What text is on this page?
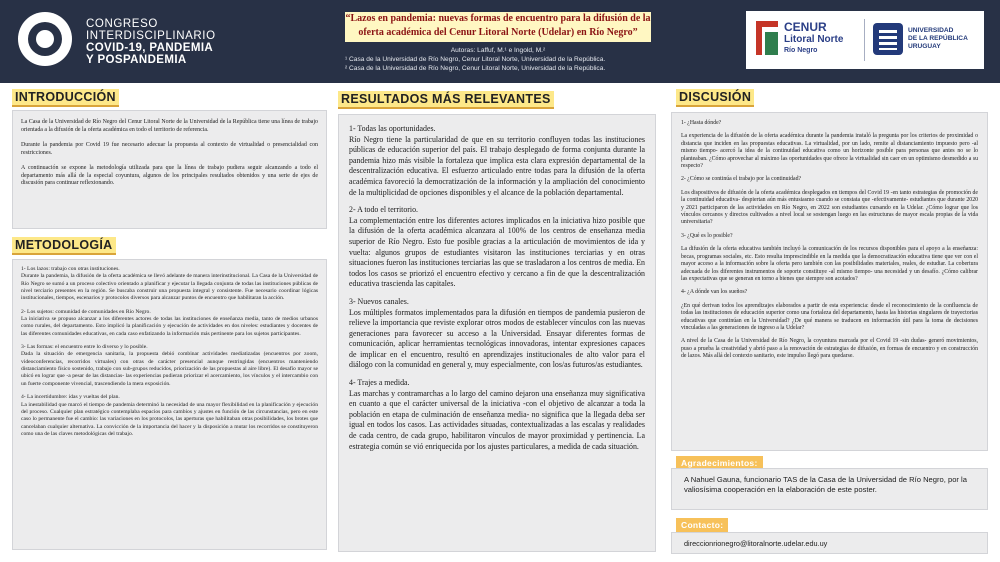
CONGRESO
INTERDISCIPLINARIO
COVID-19, PANDEMIA
Y POSPANDEMIA
“Lazos en pandemia: nuevas formas de encuentro para la difusión de la
oferta académica del Cenur Litoral Norte (Udelar) en Río Negro”
Autoras: Laffuf, M.¹ e Ingold, M.²
¹ Casa de la Universidad de Río Negro, Cenur Litoral Norte, Universidad de la República.
² Casa de la Universidad de Río Negro, Cenur Litoral Norte, Universidad de la República.
CENUR
Litoral Norte
Río Negro
UNIVERSIDAD
DE LA REPÚBLICA
URUGUAY
INTRODUCCIÓN
La Casa de la Universidad de Río Negro del Cenur Litoral Norte de la Universidad de la República tiene una línea de trabajo orientada a la difusión de la oferta académica en todo el territorio de referencia.
Durante la pandemia por Covid 19 fue necesario adecuar la propuesta al contexto de virtualidad o presencialidad con restricciones.
A continuación se expone la metodología utilizada para que la línea de trabajo pudiera seguir alcanzando a todo el departamento más allá de la especial coyuntura, algunos de los principales resultados obtenidos y una serie de ejes de discusión para continuar reflexionando.
METODOLOGÍA
1- Los lazos: trabajo con otras instituciones.
Durante la pandemia, la difusión de la oferta académica se llevó adelante de manera interinstitucional. La Casa de la Universidad de Río Negro se sumó a un proceso colectivo orientado a planificar y ejecutar la llegada conjunta de todas las instituciones públicas de nivel terciario presentes en la región. Se buscaba construir una propuesta integral y consistente. Fue necesario coordinar lógicas institucionales, tiempos, escenarios y protocolos diversos para alcanzar puntos de encuentro que habilitaran la acción.
2- Los sujetos: comunidad de comunidades en Río Negro.
La iniciativa se propuso alcanzar a los diferentes actores de todas las instituciones de enseñanza media, tanto de medios urbanos como rurales, del departamento. Esto implicó la planificación y ejecución de actividades en dos niveles: estudiantes y docentes de las diferentes comunidades educativas, en cada caso enfatizando la información más pertinente para los sujetos participantes.
3- Las formas: el encuentro entre lo diverso y lo posible.
Dada la situación de emergencia sanitaria, la propuesta debió combinar actividades mediatizadas (encuentros por zoom, videoconferencias, recorridos virtuales) con otras de carácter presencial aunque restringidas (encuentros manteniendo distanciamiento físico sostenido, trabajo con sub-grupos reducidos, priorización de las propuestas al aire libre). El desafío mayor se ubicó en lograr que -a pesar de las distancias- las experiencias pudieran priorizar el acercamiento, los vínculos y el intercambio con un fuerte componente vivencial, trascendiendo la mera exposición.
4- La incertidumbre: idas y vueltas del plan.
La inestabilidad que marcó el tiempo de pandemia determinó la necesidad de una mayor flexibilidad en la planificación y ejecución del proceso. Cualquier plan estratégico contemplaba espacios para cambios y ajustes en función de las circunstancias, pero en este caso lo permanente fue el cambio: las variaciones en los protocolos, las aperturas que habilitaban otras posibilidades, los brotes que cancelaban cualquier alternativa. La convicción de la importancia del hacer y la disposición a mutar los recorridos se constituyeron como una de las claves metodológicas del trabajo.
RESULTADOS MÁS RELEVANTES
1- Todas las oportunidades.
Río Negro tiene la particularidad de que en su territorio confluyen todas las instituciones públicas de educación superior del país. El trabajo desplegado de forma conjunta durante la pandemia hizo más visible la fortaleza que implica esta clara expresión departamental de la descentralización educativa. El esfuerzo articulado entre todas para la difusión de la oferta académica favoreció la democratización de la información y la ampliación del conocimiento de la multiplicidad de opciones disponibles y el alcance de la población departamental.
2- A todo el territorio.
La complementación entre los diferentes actores implicados en la iniciativa hizo posible que la difusión de la oferta académica alcanzara al 100% de los centros de enseñanza media superior de Río Negro. Esto fue posible gracias a la articulación de movimientos de ida y vuelta: algunos grupos de estudiantes visitaron las instituciones terciarias y en otras situaciones fueron las instituciones terciarias las que se trasladaron a los centros de media. En todos los casos se priorizó el encuentro efectivo y cercano a fin de que la descentralización educativa trascienda las capitales.
3- Nuevos canales.
Los múltiples formatos implementados para la difusión en tiempos de pandemia pusieron de relieve la importancia que reviste explorar otros modos de establecer vínculos con las nuevas generaciones para favorecer su acceso a la Universidad. Ensayar diferentes formas de comunicación, aplicar herramientas tecnológicas innovadoras, intentar expresiones capaces de implicar en el encuentro, resultó en aprendizajes institucionales de alto valor para el diálogo con la comunidad en general y, muy especialmente, con los/as futuros/as estudiantes.
4- Trajes a medida.
Las marchas y contramarchas a lo largo del camino dejaron una enseñanza muy significativa en cuanto a que el carácter universal de la iniciativa -con el objetivo de alcanzar a toda la población en etapa de culminación de enseñanza media- no significa que la llegada deba ser igual en todos los casos. Las actividades situadas, contextualizadas a las escalas y realidades de cada centro, de cada grupo, habilitaron vínculos de mayor proximidad y pertinencia. La estrategia común se vió enriquecida por los ajustes particulares, a medida de cada situación.
DISCUSIÓN
1- ¿Hasta dónde?
La experiencia de la difusión de la oferta académica durante la pandemia instaló la pregunta por los criterios de proximidad o distancia que inciden en las propuestas educativas. La virtualidad, por un lado, remite al distanciamiento impuesto pero -al mismo tiempo- acercó la idea de la continuidad educativa como un horizonte posible para personas que antes no se lo planteaban. ¿Cómo aprovechar al máximo las oportunidades que ofrece la virtualidad sin caer en un optimismo desmedido a su respecto?
2- ¿Cómo se continúa el trabajo por la continuidad?
Los dispositivos de difusión de la oferta académica desplegados en tiempos del Covid 19 -en tanto estrategias de promoción de la continuidad educativa- despiertan aún más entusiasmo cuando se constata que -efectivamente- estudiantes que durante 2020 y 2021 participaron de las actividades en Río Negro, en 2022 son estudiantes cursando en la Udelar. ¿Cómo lograr que los vínculos cercanos y directos cultivados a nivel local se sostengan luego en las estructuras de mayor escala propias de la vida universitaria?
3- ¿Qué es lo posible?
La difusión de la oferta educativa también incluyó la comunicación de los recursos disponibles para el apoyo a la enseñanza: becas, programas sociales, etc. Esto resulta imprescindible en la medida que la democratización educativa tiene que ver con el mayor acceso a la información sobre la oferta pero también con las posibilidades materiales, reales, de estudiar. La cobertura adecuada de los diferentes instrumentos de soporte constituye -al mismo tiempo- una necesidad y un desafío. ¿Cómo calibrar las expectativas que se generan en torno a bienes que siempre son acotados?
4- ¿A dónde van los sueños?
¿En qué derivan todos los aprendizajes elaborados a partir de esta experiencia: desde el reconocimiento de la confluencia de todas las instituciones de educación superior como una fortaleza del departamento, hasta las historias singulares de trayectorias educativas que continúan en la Universidad? ¿De qué manera se traducen en información útil para la toma de decisiones vinculadas a las generaciones de ingreso a la Udelar?
A nivel de la Casa de la Universidad de Río Negro, la coyuntura marcada por el Covid 19 -sin dudas- generó movimientos, puso a prueba la creatividad y abrió paso a la renovación de estrategias de difusión, en formas de encuentro y en construcción de lazos. Más allá del contexto sanitario, este impulso llegó para quedarse.
Agradecimientos:
A Nahuel Gauna, funcionario TAS de la Casa de la Universidad de Río Negro, por la valiosísima cooperación en la elaboración de este poster.
Contacto:
direccionrionegro@litoralnorte.udelar.edu.uy
